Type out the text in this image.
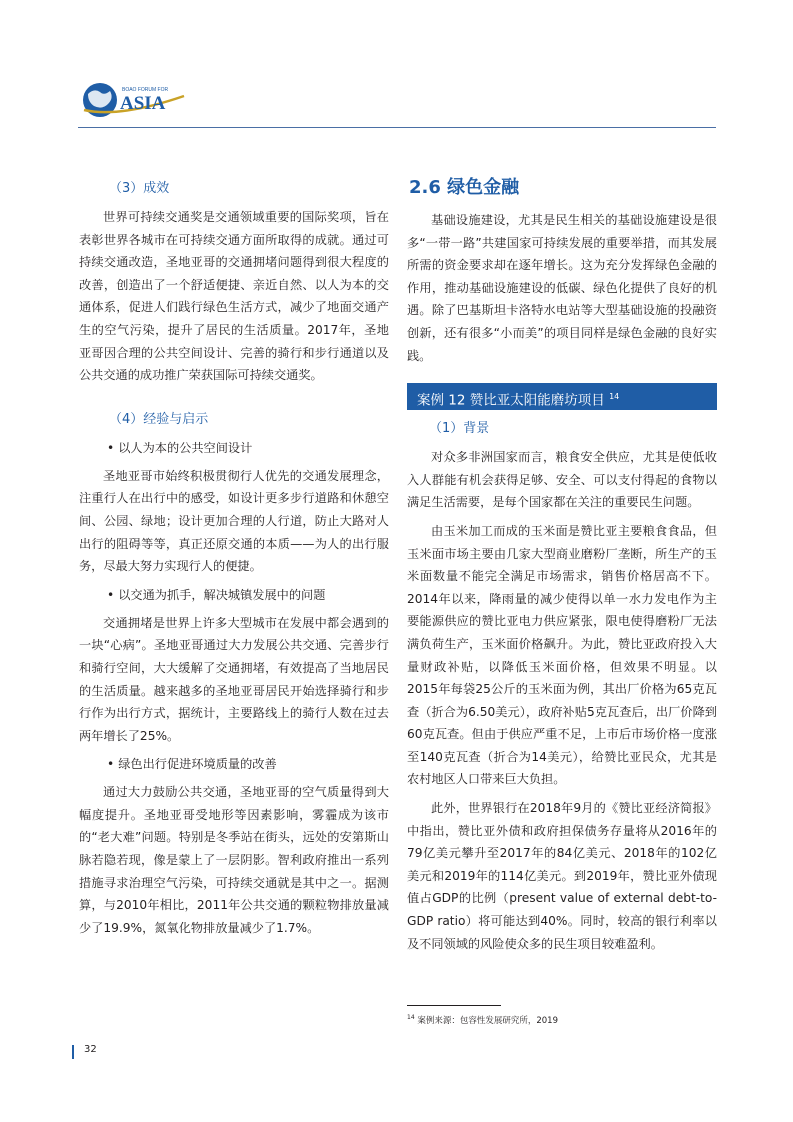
BOAO FORUM FOR
ASIA
（3）成效

世界可持续交通奖是交通领域重要的国际奖项，旨在表彰世界各城市在可持续交通方面所取得的成就。通过可持续交通改造，圣地亚哥的交通拥堵问题得到很大程度的改善，创造出了一个舒适便捷、亲近自然、以人为本的交通体系，促进人们践行绿色生活方式，减少了地面交通产生的空气污染，提升了居民的生活质量。2017年，圣地亚哥因合理的公共空间设计、完善的骑行和步行通道以及公共交通的成功推广荣获国际可持续交通奖。

（4）经验与启示
• 以人为本的公共空间设计

圣地亚哥市始终积极贯彻行人优先的交通发展理念，注重行人在出行中的感受，如设计更多步行道路和休憩空间、公园、绿地；设计更加合理的人行道，防止大路对人出行的阻碍等等，真正还原交通的本质——为人的出行服务，尽最大努力实现行人的便捷。

• 以交通为抓手，解决城镇发展中的问题

交通拥堵是世界上许多大型城市在发展中都会遇到的一块“心病”。圣地亚哥通过大力发展公共交通、完善步行和骑行空间，大大缓解了交通拥堵，有效提高了当地居民的生活质量。越来越多的圣地亚哥居民开始选择骑行和步行作为出行方式，据统计，主要路线上的骑行人数在过去两年增长了25%。

• 绿色出行促进环境质量的改善

通过大力鼓励公共交通，圣地亚哥的空气质量得到大幅度提升。圣地亚哥受地形等因素影响，雾霾成为该市的“老大难”问题。特别是冬季站在街头，远处的安第斯山脉若隐若现，像是蒙上了一层阴影。智利政府推出一系列措施寻求治理空气污染，可持续交通就是其中之一。据测算，与2010年相比，2011年公共交通的颗粒物排放量减少了19.9%，氮氧化物排放量减少了1.7%。

2.6 绿色金融

基础设施建设，尤其是民生相关的基础设施建设是很多“一带一路”共建国家可持续发展的重要举措，而其发展所需的资金要求却在逐年增长。这为充分发挥绿色金融的作用，推动基础设施建设的低碳、绿色化提供了良好的机遇。除了巴基斯坦卡洛特水电站等大型基础设施的投融资创新，还有很多“小而美”的项目同样是绿色金融的良好实践。

案例 12 赞比亚太阳能磨坊项目 $^{14}$
（1）背景

对众多非洲国家而言，粮食安全供应，尤其是使低收入人群能有机会获得足够、安全、可以支付得起的食物以满足生活需要，是每个国家都在关注的重要民生问题。

由玉米加工而成的玉米面是赞比亚主要粮食食品，但玉米面市场主要由几家大型商业磨粉厂垄断，所生产的玉米面数量不能完全满足市场需求，销售价格居高不下。2014年以来，降雨量的减少使得以单一水力发电作为主要能源供应的赞比亚电力供应紧张，限电使得磨粉厂无法满负荷生产，玉米面价格飙升。为此，赞比亚政府投入大量财政补贴，以降低玉米面价格，但效果不明显。以2015年每袋25公斤的玉米面为例，其出厂价格为65克瓦查（折合为6.50美元），政府补贴5克瓦查后，出厂价降到60克瓦查。但由于供应严重不足，上市后市场价格一度涨至140克瓦查（折合为14美元），给赞比亚民众，尤其是农村地区人口带来巨大负担。

此外，世界银行在2018年9月的《赞比亚经济简报》中指出，赞比亚外债和政府担保债务存量将从2016年的79亿美元攀升至2017年的84亿美元、2018年的102亿美元和2019年的114亿美元。到2019年，赞比亚外债现值占GDP的比例（present value of external debt-to-GDP ratio）将可能达到40%。同时，较高的银行利率以及不同领域的风险使众多的民生项目较难盈利。

$^{14}$ 案例来源：包容性发展研究所，2019
32
